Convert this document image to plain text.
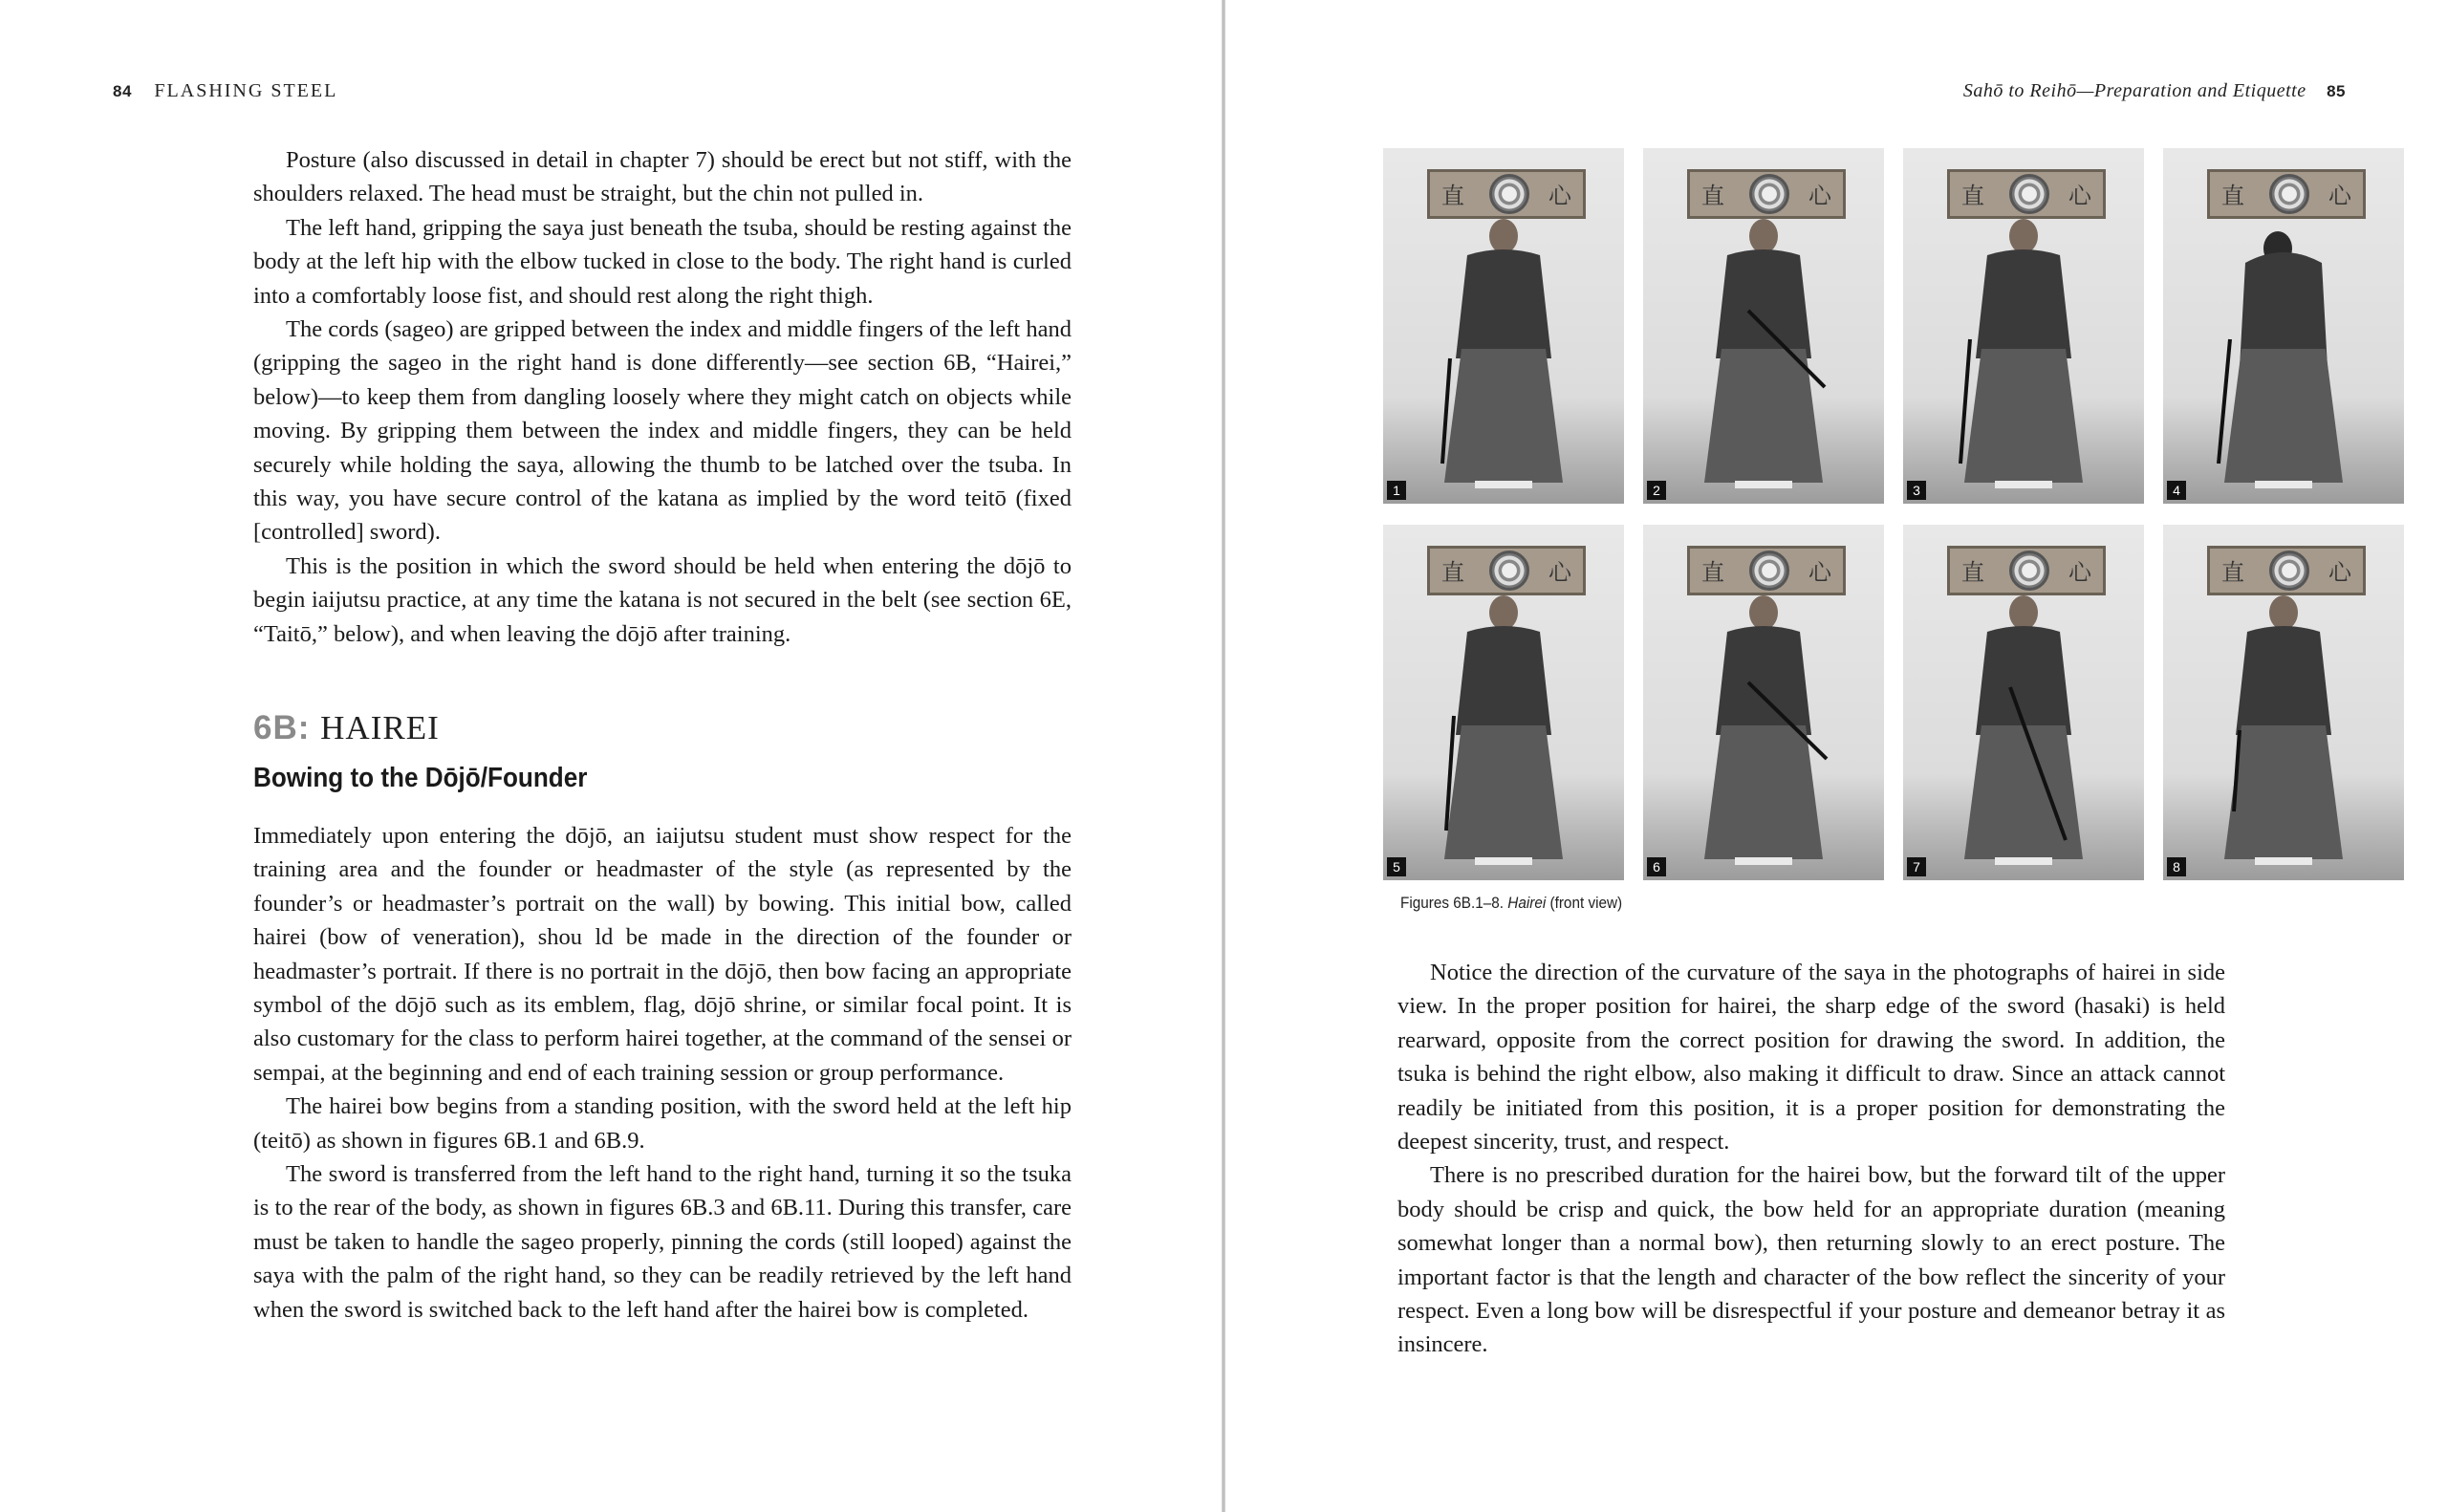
84 FLASHING STEEL

Posture (also discussed in detail in chapter 7) should be erect but not stiff, with the shoulders relaxed. The head must be straight, but the chin not pulled in.

The left hand, gripping the saya just beneath the tsuba, should be resting against the body at the left hip with the elbow tucked in close to the body. The right hand is curled into a comfortably loose fist, and should rest along the right thigh.

The cords (sageo) are gripped between the index and middle fingers of the left hand (gripping the sageo in the right hand is done differently—see section 6B, “Hairei,” below)—to keep them from dangling loosely where they might catch on objects while moving. By gripping them between the index and middle fingers, they can be held securely while holding the saya, allowing the thumb to be latched over the tsuba. In this way, you have secure control of the katana as implied by the word teitō (fixed [controlled] sword).

This is the position in which the sword should be held when entering the dōjō to begin iaijutsu practice, at any time the katana is not secured in the belt (see section 6E, “Taitō,” below), and when leaving the dōjō after training.

6B: HAIREI
Bowing to the Dōjō/Founder

Immediately upon entering the dōjō, an iaijutsu student must show respect for the training area and the founder or headmaster of the style (as represented by the founder’s or headmaster’s portrait on the wall) by bowing. This initial bow, called hairei (bow of veneration), shou ld be made in the direction of the founder or headmaster’s portrait. If there is no portrait in the dōjō, then bow facing an appropriate symbol of the dōjō such as its emblem, flag, dōjō shrine, or similar focal point. It is also customary for the class to perform hairei together, at the command of the sensei or sempai, at the beginning and end of each training session or group performance.

The hairei bow begins from a standing position, with the sword held at the left hip (teitō) as shown in figures 6B.1 and 6B.9.

The sword is transferred from the left hand to the right hand, turning it so the tsuka is to the rear of the body, as shown in figures 6B.3 and 6B.11. During this transfer, care must be taken to handle the sageo properly, pinning the cords (still looped) against the saya with the palm of the right hand, so they can be readily retrieved by the left hand when the sword is switched back to the left hand after the hairei bow is completed.

Sahō to Reihō—Preparation and Etiquette 85
直	心
1
直	心
2
直	心
3
直	心
4
直	心
5
直	心
6
直	心
7
直	心
8
Figures 6B.1–8. Hairei (front view)

Notice the direction of the curvature of the saya in the photographs of hairei in side view. In the proper position for hairei, the sharp edge of the sword (hasaki) is held rearward, opposite from the correct position for drawing the sword. In addition, the tsuka is behind the right elbow, also making it difficult to draw. Since an attack cannot readily be initiated from this position, it is a proper position for demonstrating the deepest sincerity, trust, and respect.

There is no prescribed duration for the hairei bow, but the forward tilt of the upper body should be crisp and quick, the bow held for an appropriate duration (meaning somewhat longer than a normal bow), then returning slowly to an erect posture. The important factor is that the length and character of the bow reflect the sincerity of your respect. Even a long bow will be disrespectful if your posture and demeanor betray it as insincere.
